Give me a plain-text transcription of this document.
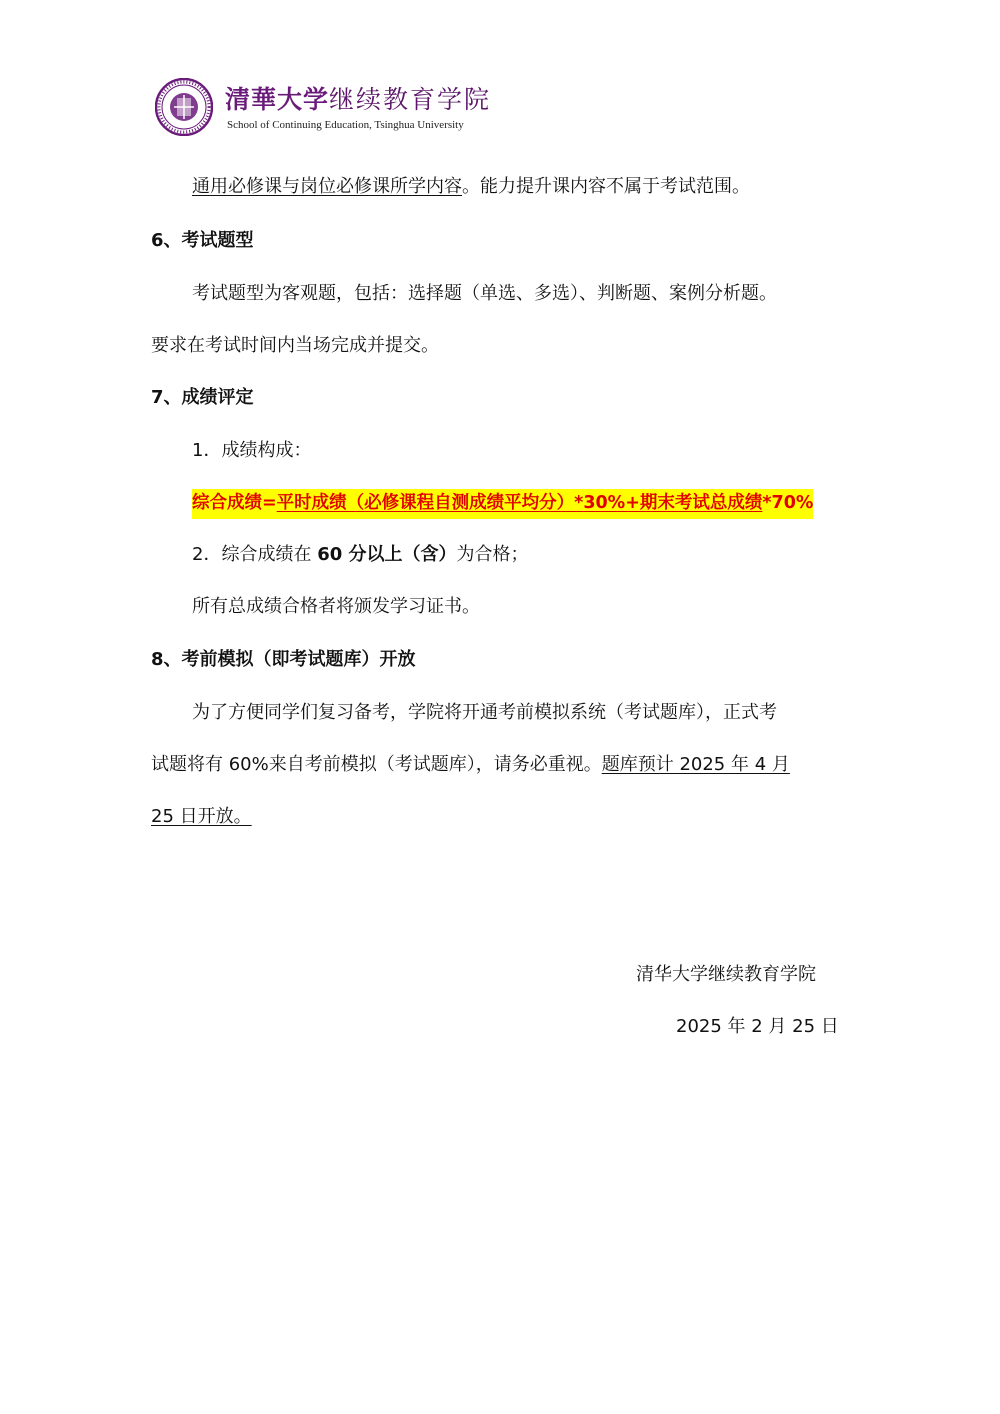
清華大学继续教育学院
School of Continuing Education, Tsinghua University
通用必修课与岗位必修课所学内容。能力提升课内容不属于考试范围。
6、考试题型
考试题型为客观题，包括：选择题（单选、多选）、判断题、案例分析题。
要求在考试时间内当场完成并提交。
7、成绩评定
1．成绩构成：
综合成绩=平时成绩（必修课程自测成绩平均分）*30%+期末考试总成绩*70%
2．综合成绩在 60 分以上（含）为合格；
所有总成绩合格者将颁发学习证书。
8、考前模拟（即考试题库）开放
为了方便同学们复习备考，学院将开通考前模拟系统（考试题库），正式考
试题将有 60%来自考前模拟（考试题库），请务必重视。题库预计 2025 年 4 月
25 日开放。
清华大学继续教育学院
2025 年 2 月 25 日
